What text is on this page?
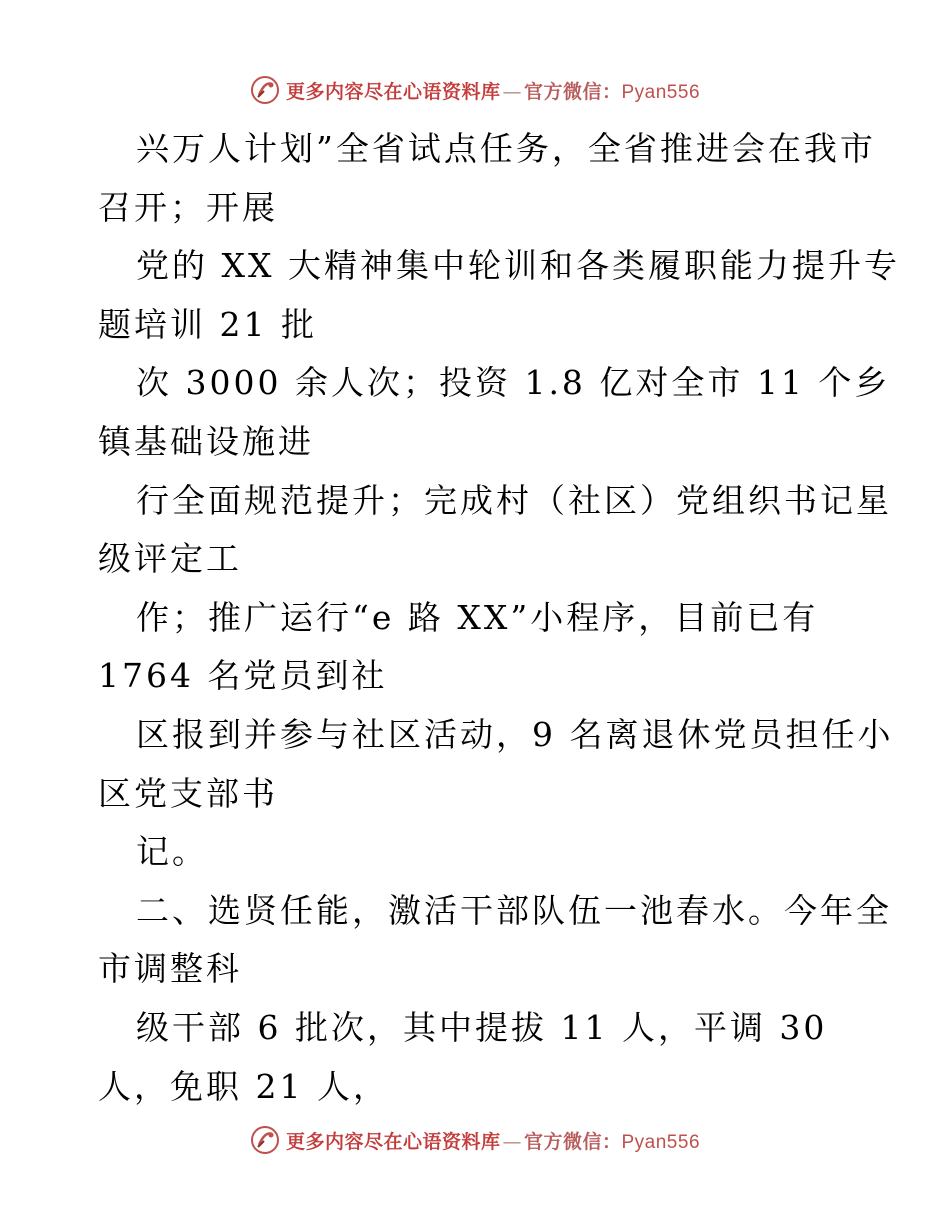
更多内容尽在心语资料库 — 官方微信：Pyan556
兴万人计划”全省试点任务，全省推进会在我市
召开；开展
党的 XX 大精神集中轮训和各类履职能力提升专
题培训 21 批
次 3000 余人次；投资 1.8 亿对全市 11 个乡
镇基础设施进
行全面规范提升；完成村（社区）党组织书记星
级评定工
作；推广运行“e 路 XX”小程序，目前已有
1764 名党员到社
区报到并参与社区活动，9 名离退休党员担任小
区党支部书
记。
二、选贤任能，激活干部队伍一池春水。今年全
市调整科
级干部 6 批次，其中提拔 11 人，平调 30
人，免职 21 人，
更多内容尽在心语资料库 — 官方微信：Pyan556
